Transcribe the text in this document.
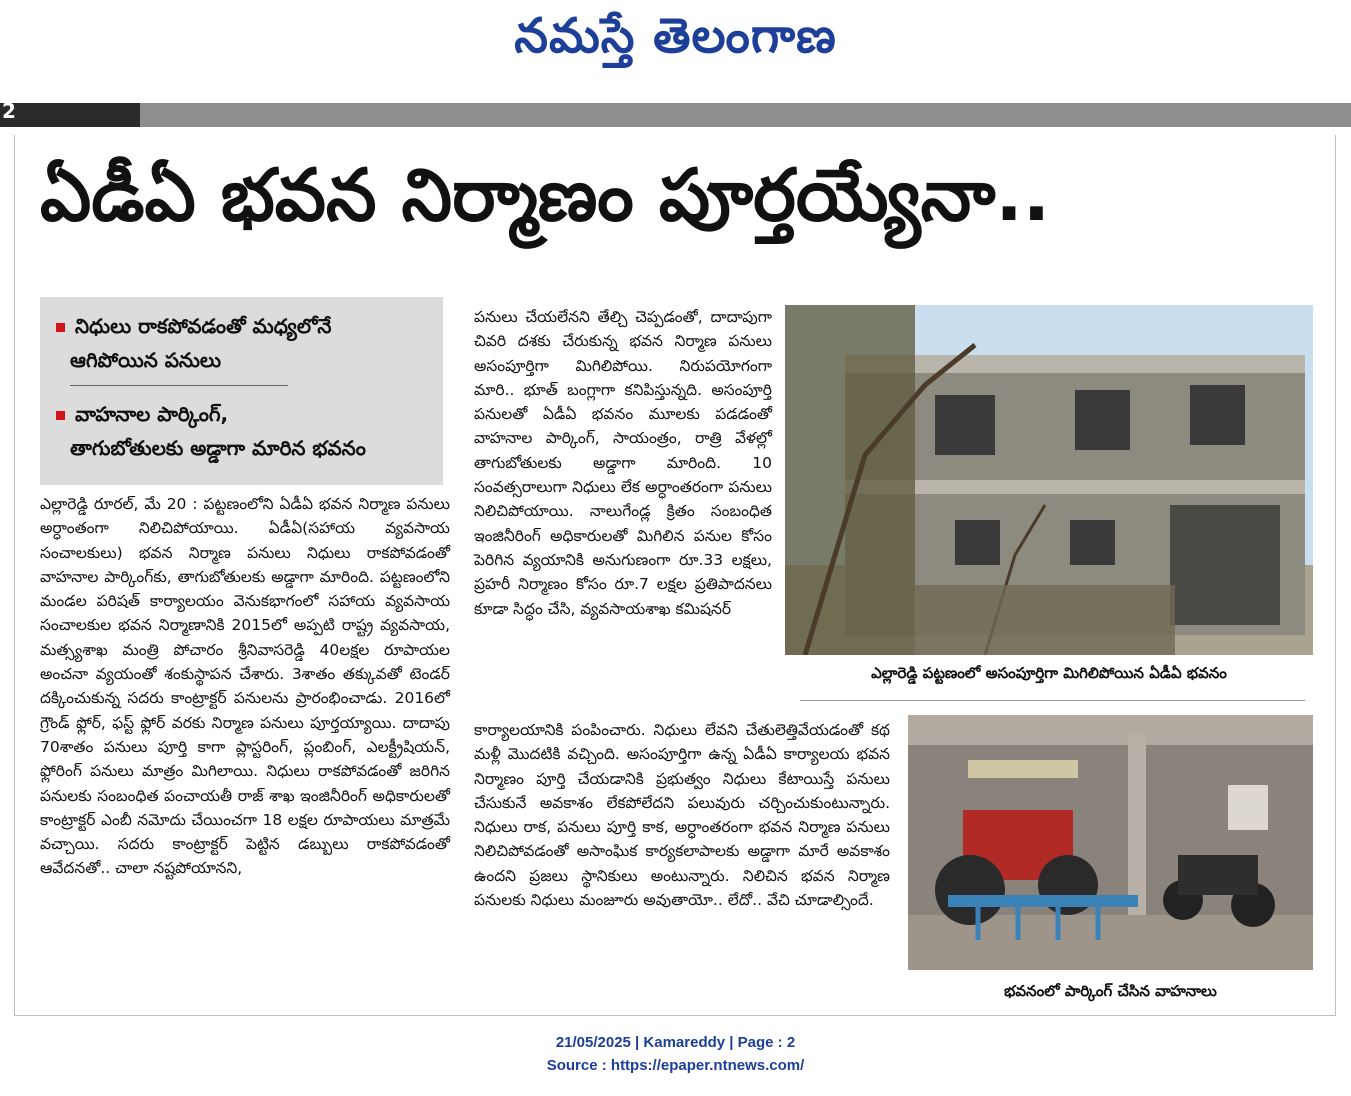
నమస్తే తెలంగాణ
2
ఏడీఏ భవన నిర్మాణం పూర్తయ్యేనా..
నిధులు రాకపోవడంతో మధ్యలోనే
ఆగిపోయిన పనులు
వాహనాల పార్కింగ్,
తాగుబోతులకు అడ్డాగా మారిన భవనం

ఎల్లారెడ్డి రూరల్, మే 20 : పట్టణంలోని ఏడీఏ భవన నిర్మాణ పనులు అర్ధాంతంగా నిలిచిపోయాయి. ఏడీఏ(సహాయ వ్యవసాయ సంచాలకులు) భవన నిర్మాణ పనులు నిధులు రాకపోవడంతో వాహనాల పార్కింగ్‌కు, తాగుబోతులకు అడ్డాగా మారింది. పట్టణంలోని మండల పరిషత్ కార్యాలయం వెనుకభాగంలో సహాయ వ్యవసాయ సంచాలకుల భవన నిర్మాణానికి 2015లో అప్పటి రాష్ట్ర వ్యవసాయ, మత్స్యశాఖ మంత్రి పోచారం శ్రీనివాసరెడ్డి 40లక్షల రూపాయల అంచనా వ్యయంతో శంకుస్థాపన చేశారు. 3శాతం తక్కువతో టెండర్ దక్కించుకున్న సదరు కాంట్రాక్టర్ పనులను ప్రారంభించాడు. 2016లో గ్రౌండ్ ఫ్లోర్, ఫస్ట్ ఫ్లోర్ వరకు నిర్మాణ పనులు పూర్తయ్యాయి. దాదాపు 70శాతం పనులు పూర్తి కాగా ప్లాస్టరింగ్, ప్లంబింగ్, ఎలక్ట్రీషియన్, ఫ్లోరింగ్ పనులు మాత్రం మిగిలాయి. నిధులు రాకపోవడంతో జరిగిన పనులకు సంబంధిత పంచాయతీ రాజ్ శాఖ ఇంజినీరింగ్ అధికారులతో కాంట్రాక్టర్ ఎంబీ నమోదు చేయించగా 18 లక్షల రూపాయలు మాత్రమే వచ్చాయి. సదరు కాంట్రాక్టర్ పెట్టిన డబ్బులు రాకపోవడంతో ఆవేదనతో.. చాలా నష్టపోయానని,

పనులు చేయలేనని తేల్చి చెప్పడంతో, దాదాపుగా చివరి దశకు చేరుకున్న భవన నిర్మాణ పనులు అసంపూర్తిగా మిగిలిపోయి. నిరుపయోగంగా మారి.. భూత్ బంగ్లాగా కనిపిస్తున్నది. అసంపూర్తి పనులతో ఏడీఏ భవనం మూలకు పడడంతో వాహనాల పార్కింగ్, సాయంత్రం, రాత్రి వేళల్లో తాగుబోతులకు అడ్డాగా మారింది. 10 సంవత్సరాలుగా నిధులు లేక అర్ధాంతరంగా పనులు నిలిచిపోయాయి. నాలుగేండ్ల క్రితం సంబంధిత ఇంజినీరింగ్ అధికారులతో మిగిలిన పనుల కోసం పెరిగిన వ్యయానికి అనుగుణంగా రూ.33 లక్షలు, ప్రహరీ నిర్మాణం కోసం రూ.7 లక్షల ప్రతిపాదనలు కూడా సిద్ధం చేసి, వ్యవసాయశాఖ కమిషనర్

కార్యాలయానికి పంపించారు. నిధులు లేవని చేతులెత్తివేయడంతో కథ మళ్లీ మొదటికి వచ్చింది. అసంపూర్తిగా ఉన్న ఏడీఏ కార్యాలయ భవన నిర్మాణం పూర్తి చేయడానికి ప్రభుత్వం నిధులు కేటాయిస్తే పనులు చేసుకునే అవకాశం లేకపోలేదని పలువురు చర్చించుకుంటున్నారు. నిధులు రాక, పనులు పూర్తి కాక, అర్ధాంతరంగా భవన నిర్మాణ పనులు నిలిచిపోవడంతో అసాంఘిక కార్యకలాపాలకు అడ్డాగా మారే అవకాశం ఉందని ప్రజలు స్థానికులు అంటున్నారు. నిలిచిన భవన నిర్మాణ పనులకు నిధులు మంజూరు అవుతాయో.. లేదో.. వేచి చూడాల్సిందే.

ఎల్లారెడ్డి పట్టణంలో అసంపూర్తిగా మిగిలిపోయిన ఏడీఏ భవనం
భవనంలో పార్కింగ్ చేసిన వాహనాలు
21/05/2025 | Kamareddy | Page : 2
Source : https://epaper.ntnews.com/
